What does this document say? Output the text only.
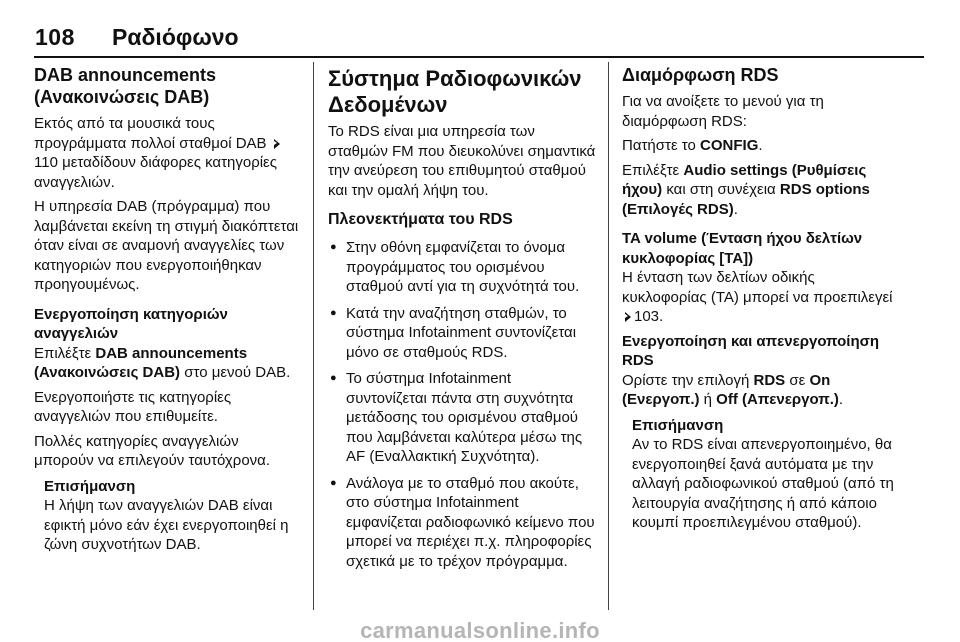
108 Ραδιόφωνο
DAB announcements (Ανακοινώσεις DAB)

Εκτός από τα μουσικά τους προγράμματα πολλοί σταθμοί DAB 110 μεταδίδουν διάφορες κατηγορίες αναγγελιών.

Η υπηρεσία DAB (πρόγραμμα) που λαμβάνεται εκείνη τη στιγμή διακόπτεται όταν είναι σε αναμονή αναγγελίες των κατηγοριών που ενεργοποιήθηκαν προηγουμένως.

Ενεργοποίηση κατηγοριών αναγγελιών

Επιλέξτε DAB announcements (Ανακοινώσεις DAB) στο μενού DAB.

Ενεργοποιήστε τις κατηγορίες αναγγελιών που επιθυμείτε.

Πολλές κατηγορίες αναγγελιών μπορούν να επιλεγούν ταυτόχρονα.

Επισήμανση
Η λήψη των αναγγελιών DAB είναι εφικτή μόνο εάν έχει ενεργοποιηθεί η ζώνη συχνοτήτων DAB.
Σύστημα Ραδιοφωνικών Δεδομένων

Το RDS είναι μια υπηρεσία των σταθμών FM που διευκολύνει σημαντικά την ανεύρεση του επιθυμητού σταθμού και την ομαλή λήψη του.

Πλεονεκτήματα του RDS
● Στην οθόνη εμφανίζεται το όνομα προγράμματος του ορισμένου σταθμού αντί για τη συχνότητά του.
● Κατά την αναζήτηση σταθμών, το σύστημα Infotainment συντονίζεται μόνο σε σταθμούς RDS.
● Το σύστημα Infotainment συντονίζεται πάντα στη συχνότητα μετάδοσης του ορισμένου σταθμού που λαμβάνεται καλύτερα μέσω της AF (Εναλλακτική Συχνότητα).
● Ανάλογα με το σταθμό που ακούτε, στο σύστημα Infotainment εμφανίζεται ραδιοφωνικό κείμενο που μπορεί να περιέχει π.χ. πληροφορίες σχετικά με το τρέχον πρόγραμμα.
Διαμόρφωση RDS

Για να ανοίξετε το μενού για τη διαμόρφωση RDS:

Πατήστε το CONFIG.

Επιλέξτε Audio settings (Ρυθμίσεις ήχου) και στη συνέχεια RDS options (Επιλογές RDS).

TA volume (Ένταση ήχου δελτίων κυκλοφορίας [TA])

Η ένταση των δελτίων οδικής κυκλοφορίας (TA) μπορεί να προεπιλεγεί 103.

Ενεργοποίηση και απενεργοποίηση RDS

Ορίστε την επιλογή RDS σε On (Ενεργοπ.) ή Off (Απενεργοπ.).

Επισήμανση
Αν το RDS είναι απενεργοποιημένο, θα ενεργοποιηθεί ξανά αυτόματα με την αλλαγή ραδιοφωνικού σταθμού (από τη λειτουργία αναζήτησης ή από κάποιο κουμπί προεπιλεγμένου σταθμού).
carmanualsonline.info
